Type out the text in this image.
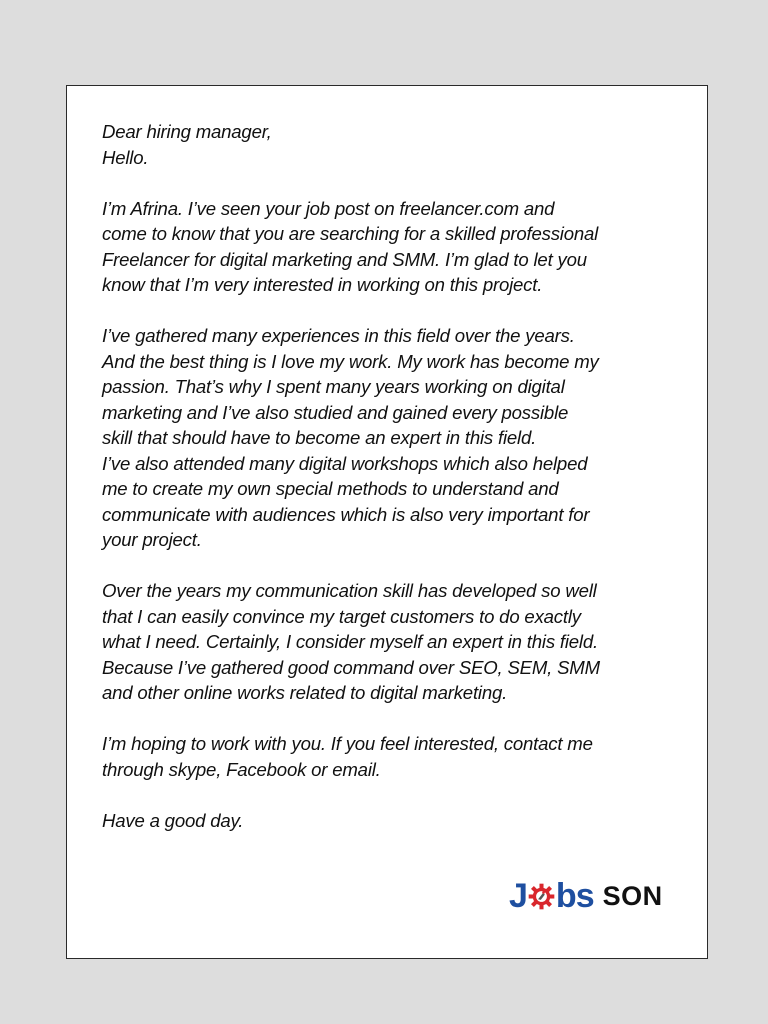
Dear hiring manager,
Hello.

I’m Afrina. I’ve seen your job post on freelancer.com and
come to know that you are searching for a skilled professional
Freelancer for digital marketing and SMM. I’m glad to let you
know that I’m very interested in working on this project.

I’ve gathered many experiences in this field over the years.
And the best thing is I love my work. My work has become my
passion. That’s why I spent many years working on digital
marketing and I’ve also studied and gained every possible
skill that should have to become an expert in this field.
I’ve also attended many digital workshops which also helped
me to create my own special methods to understand and
communicate with audiences which is also very important for
your project.

Over the years my communication skill has developed so well
that I can easily convince my target customers to do exactly
what I need. Certainly, I consider myself an expert in this field.
Because I’ve gathered good command over SEO, SEM, SMM
and other online works related to digital marketing.

I’m hoping to work with you. If you feel interested, contact me
through skype, Facebook or email.

Have a good day.

J bs SON
